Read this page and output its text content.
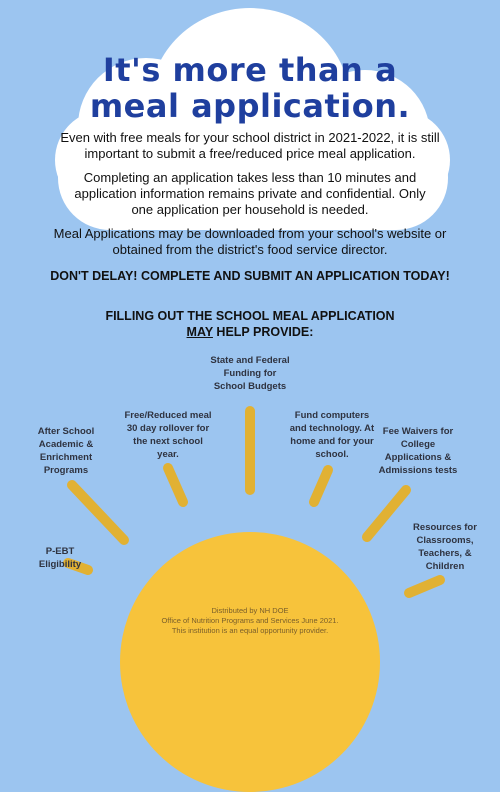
It's more than a
meal application.

Even with free meals for your school district in 2021-2022, it is still important to submit a free/reduced price meal application.

Completing an application takes less than 10 minutes and application information remains private and confidential. Only one application per household is needed.

Meal Applications may be downloaded from your school's website or obtained from the district's food service director.

DON'T DELAY! COMPLETE AND SUBMIT AN APPLICATION TODAY!

FILLING OUT THE SCHOOL MEAL APPLICATION
MAY HELP PROVIDE:

P-EBT Eligibility

After School Academic & Enrichment Programs

Free/Reduced meal 30 day rollover for the next school year.

State and Federal Funding for School Budgets

Fund computers and technology. At home and for your school.

Fee Waivers for College Applications & Admissions tests

Resources for Classrooms, Teachers, & Children

Distributed by NH DOE
Office of Nutrition Programs and Services June 2021.
This institution is an equal opportunity provider.
